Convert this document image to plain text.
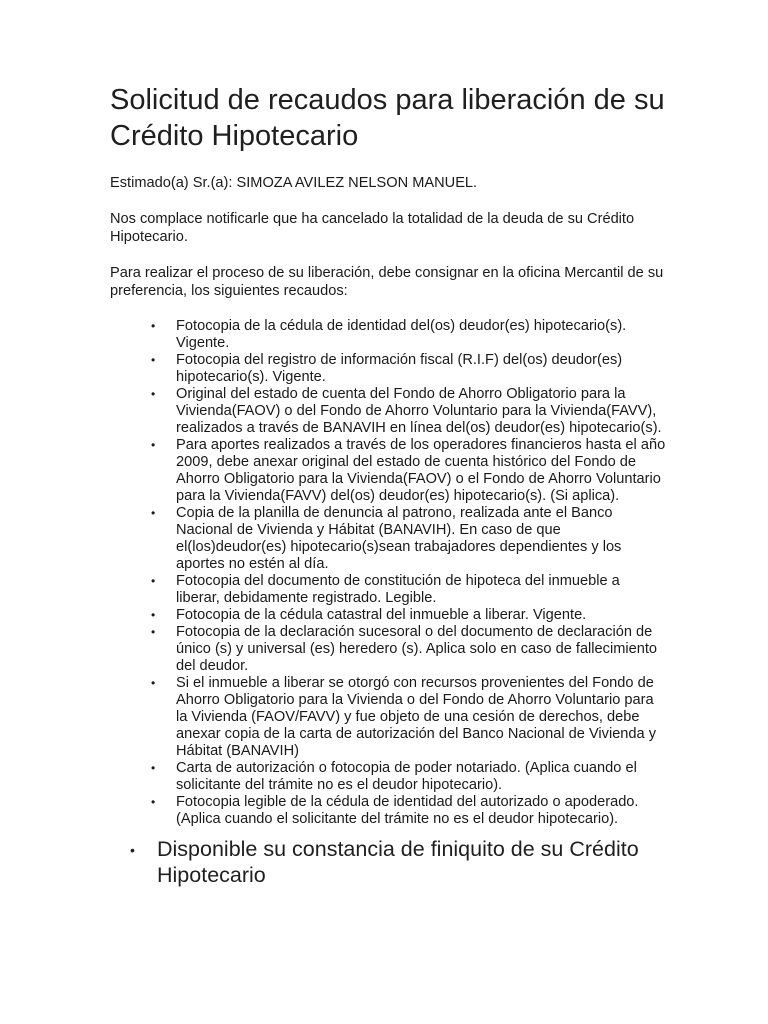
Solicitud de recaudos para liberación de su Crédito Hipotecario

Estimado(a) Sr.(a): SIMOZA AVILEZ NELSON MANUEL.

Nos complace notificarle que ha cancelado la totalidad de la deuda de su Crédito Hipotecario.

Para realizar el proceso de su liberación, debe consignar en la oficina Mercantil de su preferencia, los siguientes recaudos:

• Fotocopia de la cédula de identidad del(os) deudor(es) hipotecario(s). Vigente.
• Fotocopia del registro de información fiscal (R.I.F) del(os) deudor(es) hipotecario(s). Vigente.
• Original del estado de cuenta del Fondo de Ahorro Obligatorio para la Vivienda(FAOV) o del Fondo de Ahorro Voluntario para la Vivienda(FAVV), realizados a través de BANAVIH en línea del(os) deudor(es) hipotecario(s).
• Para aportes realizados a través de los operadores financieros hasta el año 2009, debe anexar original del estado de cuenta histórico del Fondo de Ahorro Obligatorio para la Vivienda(FAOV) o el Fondo de Ahorro Voluntario para la Vivienda(FAVV) del(os) deudor(es) hipotecario(s). (Si aplica).
• Copia de la planilla de denuncia al patrono, realizada ante el Banco Nacional de Vivienda y Hábitat (BANAVIH). En caso de que el(los)deudor(es) hipotecario(s)sean trabajadores dependientes y los aportes no estén al día.
• Fotocopia del documento de constitución de hipoteca del inmueble a liberar, debidamente registrado. Legible.
• Fotocopia de la cédula catastral del inmueble a liberar. Vigente.
• Fotocopia de la declaración sucesoral o del documento de declaración de único (s) y universal (es) heredero (s). Aplica solo en caso de fallecimiento del deudor.
• Si el inmueble a liberar se otorgó con recursos provenientes del Fondo de Ahorro Obligatorio para la Vivienda o del Fondo de Ahorro Voluntario para la Vivienda (FAOV/FAVV) y fue objeto de una cesión de derechos, debe anexar copia de la carta de autorización del Banco Nacional de Vivienda y Hábitat (BANAVIH)
• Carta de autorización o fotocopia de poder notariado. (Aplica cuando el solicitante del trámite no es el deudor hipotecario).
• Fotocopia legible de la cédula de identidad del autorizado o apoderado.(Aplica cuando el solicitante del trámite no es el deudor hipotecario).
• Disponible su constancia de finiquito de su Crédito Hipotecario
